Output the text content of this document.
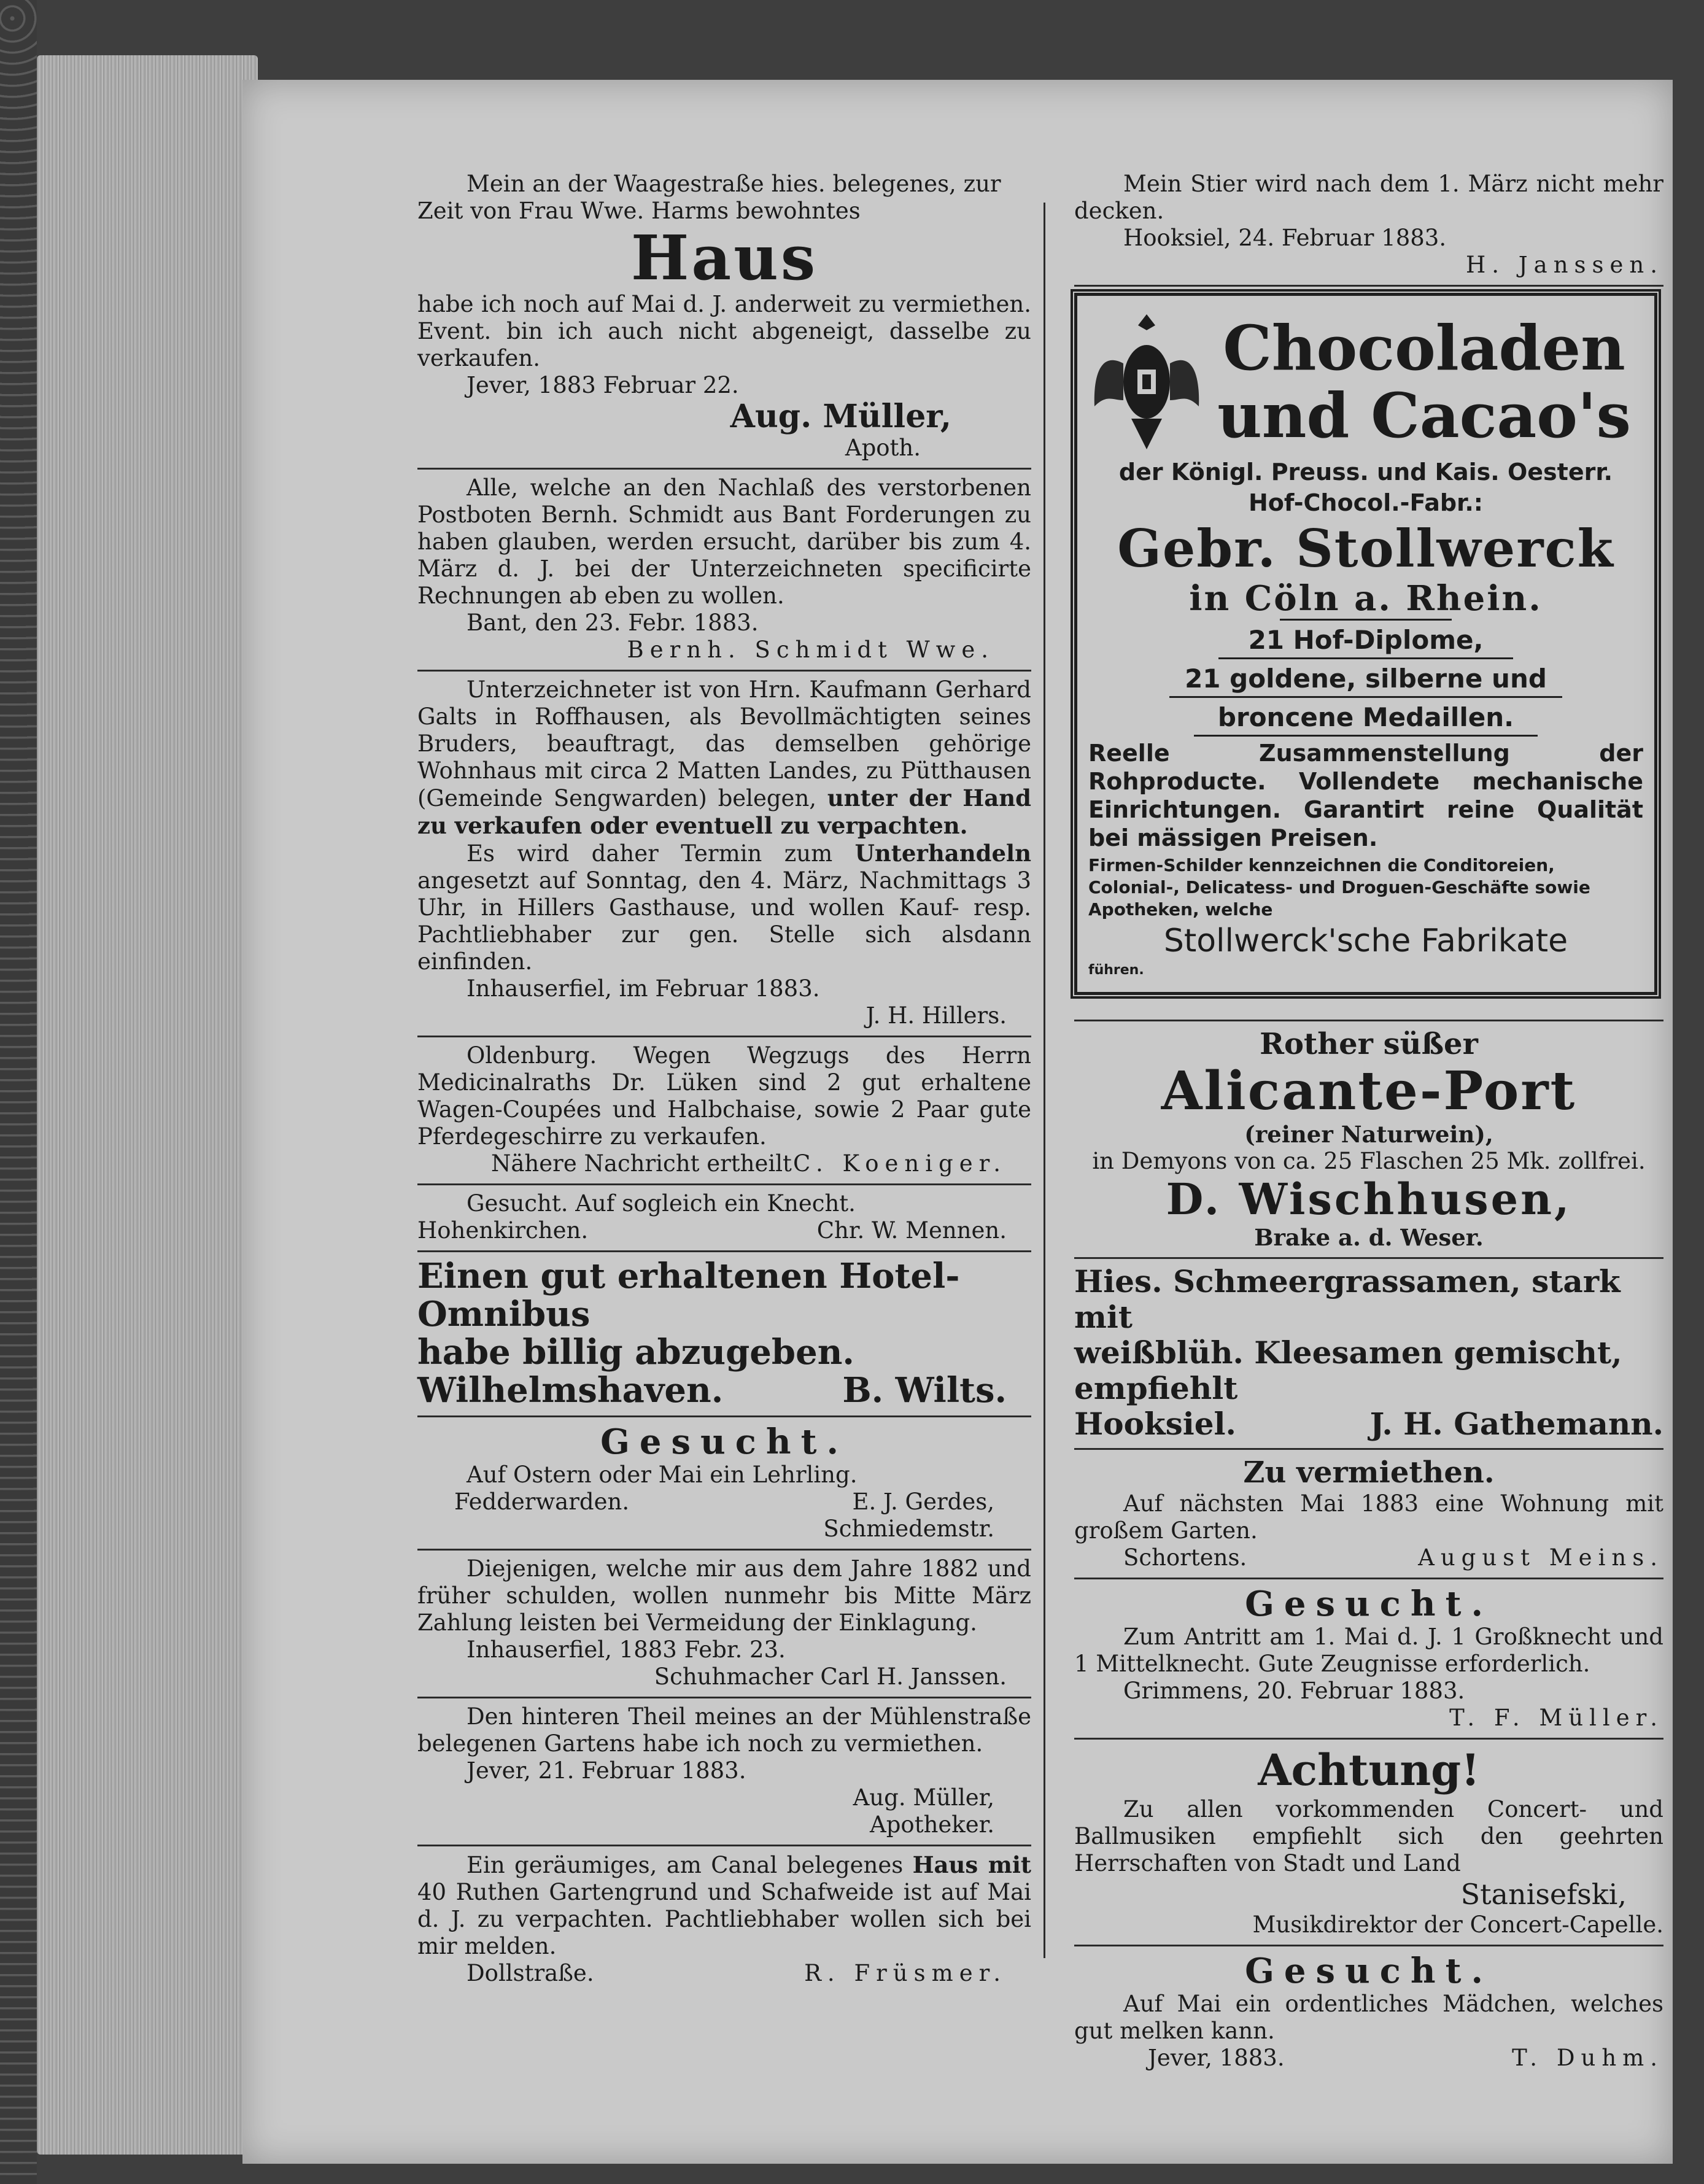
Mein an der Waagestraße hies. belegenes, zur

Zeit von Frau Wwe. Harms bewohntes

Haus

habe ich noch auf Mai d. J. anderweit zu vermiethen. Event. bin ich auch nicht abgeneigt, dasselbe zu verkaufen.

Jever, 1883 Februar 22.

Aug. Müller,

Apoth.

Alle, welche an den Nachlaß des verstorbenen Postboten Bernh. Schmidt aus Bant Forderungen zu haben glauben, werden ersucht, darüber bis zum 4. März d. J. bei der Unterzeichneten specificirte Rechnungen ab eben zu wollen.

Bant, den 23. Febr. 1883.

Bernh. Schmidt Wwe.

Unterzeichneter ist von Hrn. Kaufmann Gerhard Galts in Roffhausen, als Bevollmächtigten seines Bruders, beauftragt, das demselben gehörige Wohnhaus mit circa 2 Matten Landes, zu Pütthausen (Gemeinde Sengwarden) belegen, unter der Hand zu verkaufen oder eventuell zu verpachten.

Es wird daher Termin zum Unterhandeln angesetzt auf Sonntag, den 4. März, Nachmittags 3 Uhr, in Hillers Gasthause, und wollen Kauf- resp. Pachtliebhaber zur gen. Stelle sich alsdann einfinden.

Inhauserfiel, im Februar 1883.

J. H. Hillers.

Oldenburg. Wegen Wegzugs des Herrn Medicinalraths Dr. Lüken sind 2 gut erhaltene Wagen-Coupées und Halbchaise, sowie 2 Paar gute Pferdegeschirre zu verkaufen.

Nähere Nachricht ertheilt C. Koeniger.

Gesucht. Auf sogleich ein Knecht.

Hohenkirchen.	Chr. W. Mennen.
Einen gut erhaltenen Hotel-Omnibus
habe billig abzugeben.
Wilhelmshaven.	B. Wilts.
Gesucht.

Auf Ostern oder Mai ein Lehrling.

Fedderwarden.	E. J. Gerdes,

Schmiedemstr.

Diejenigen, welche mir aus dem Jahre 1882 und früher schulden, wollen nunmehr bis Mitte März Zahlung leisten bei Vermeidung der Einklagung.

Inhauserfiel, 1883 Febr. 23.

Schuhmacher Carl H. Janssen.

Den hinteren Theil meines an der Mühlenstraße belegenen Gartens habe ich noch zu vermiethen.

Jever, 21. Februar 1883.

Aug. Müller,

Apotheker.

Ein geräumiges, am Canal belegenes Haus mit 40 Ruthen Gartengrund und Schafweide ist auf Mai d. J. zu verpachten. Pachtliebhaber wollen sich bei mir melden.

Dollstraße.	R. Früsmer.

Mein Stier wird nach dem 1. März nicht mehr decken.

Hooksiel, 24. Februar 1883.

H. Janssen.

Chocoladen
und Cacao's
der Königl. Preuss. und Kais. Oesterr.
Hof-Chocol.-Fabr.:
Gebr. Stollwerck
in Cöln a. Rhein.
21 Hof-Diplome,
21 goldene, silberne und
broncene Medaillen.
Reelle Zusammenstellung der Rohproducte. Vollendete mechanische Einrichtungen. Garantirt reine Qualität bei mässigen Preisen.
Firmen-Schilder kennzeichnen die Conditoreien, Colonial-, Delicatess- und Droguen-Geschäfte sowie Apotheken, welche
Stollwerck'sche Fabrikate
führen.
Rother süßer
Alicante-Port

(reiner Naturwein),

in Demyons von ca. 25 Flaschen 25 Mk. zollfrei.

D. Wischhusen,

Brake a. d. Weser.

Hies. Schmeergrassamen, stark mit
weißblüh. Kleesamen gemischt, empfiehlt
Hooksiel.	J. H. Gathemann.
Zu vermiethen.

Auf nächsten Mai 1883 eine Wohnung mit großem Garten.

Schortens.	August Meins.
Gesucht.

Zum Antritt am 1. Mai d. J. 1 Großknecht und 1 Mittelknecht. Gute Zeugnisse erforderlich.

Grimmens, 20. Februar 1883.

T. F. Müller.

Achtung!

Zu allen vorkommenden Concert- und Ballmusiken empfiehlt sich den geehrten Herrschaften von Stadt und Land

Stanisefski,

Musikdirektor der Concert-Capelle.

Gesucht.

Auf Mai ein ordentliches Mädchen, welches gut melken kann.

Jever, 1883.	T. Duhm.
